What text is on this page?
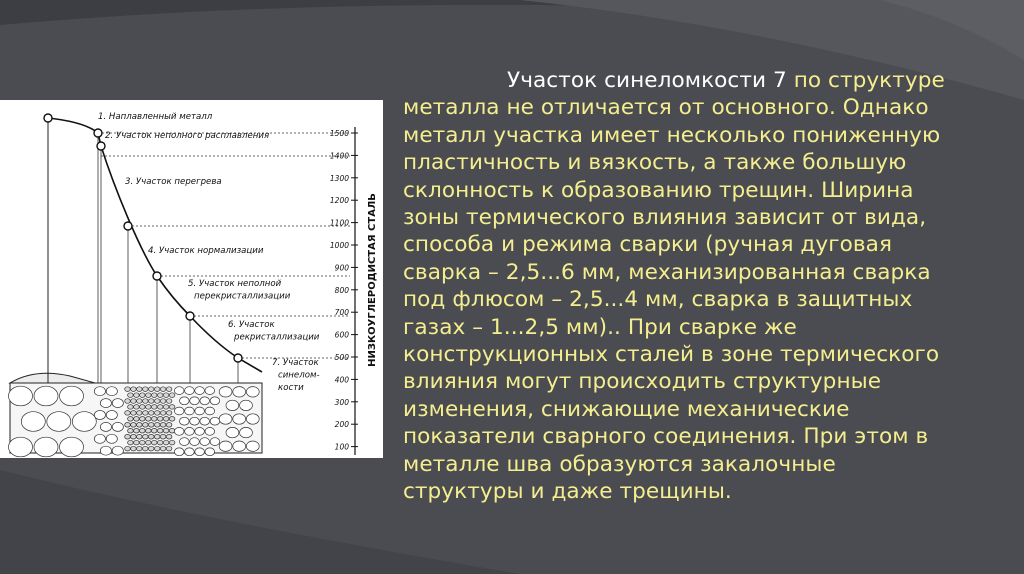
1500
1400
1300
1200
1100
1000
900
800
700
600
500
400
300
200
100
НИЗКОУГЛЕРОДИСТАЯ СТАЛЬ
1. Наплавленный металл
2. Участок неполного расплавления
3. Участок перегрева
4. Участок нормализации
5. Участок неполной
перекристаллизации
6. Участок
рекристаллизации
7. Участок
синелом-
кости
Участок синеломкости 7 по структуре
металла не отличается от основного. Однако
металл участка имеет несколько пониженную
пластичность и вязкость, а также большую
склонность к образованию трещин. Ширина
зоны термического влияния зависит от вида,
способа и режима сварки (ручная дуговая
сварка – 2,5...6 мм, механизированная сварка
под флюсом – 2,5...4 мм, сварка в защитных
газах – 1...2,5 мм).. При сварке же
конструкционных сталей в зоне термического
влияния могут происходить структурные
изменения, снижающие механические
показатели сварного соединения. При этом в
металле шва образуются закалочные
структуры и даже трещины.
